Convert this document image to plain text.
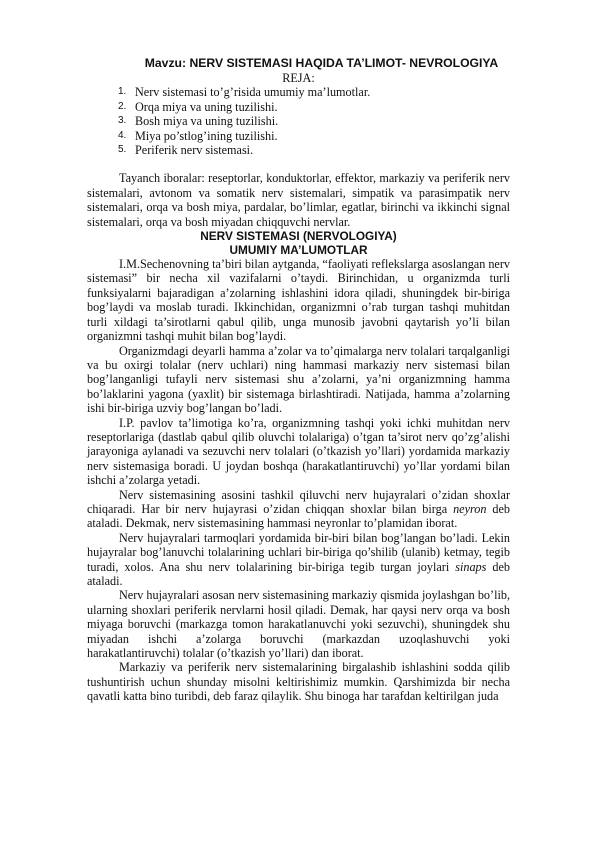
Mavzu: NERV SISTEMASI HAQIDA TA’LIMOT- NEVROLOGIYA
REJA:
1. Nerv sistemasi to’g’risida umumiy ma’lumotlar.
2. Orqa miya va uning tuzilishi.
3. Bosh miya va uning tuzilishi.
4. Miya po’stlog’ining tuzilishi.
5. Periferik nerv sistemasi.

Tayanch iboralar: reseptorlar, konduktorlar, effektor, markaziy va periferik nerv sistemalari, avtonom va somatik nerv sistemalari, simpatik va parasimpatik nerv sistemalari, orqa va bosh miya, pardalar, bo’limlar, egatlar, birinchi va ikkinchi signal sistemalari, orqa va bosh miyadan chiqquvchi nervlar.

NERV SISTEMASI (NERVOLOGIYA)
UMUMIY MA’LUMOTLAR

I.M.Sechenovning ta’biri bilan aytganda, “faoliyati reflekslarga asoslangan nerv sistemasi” bir necha xil vazifalarni o’taydi. Birinchidan, u organizmda turli funksiyalarni bajaradigan a’zolarning ishlashini idora qiladi, shuningdek bir-biriga bog’laydi va moslab turadi. Ikkinchidan, organizmni o’rab turgan tashqi muhitdan turli xildagi ta’sirotlarni qabul qilib, unga munosib javobni qaytarish yo’li bilan organizmni tashqi muhit bilan bog’laydi.

Organizmdagi deyarli hamma a’zolar va to’qimalarga nerv tolalari tarqalganligi va bu oxirgi tolalar (nerv uchlari) ning hammasi markaziy nerv sistemasi bilan bog’langanligi tufayli nerv sistemasi shu a’zolarni, ya’ni organizmning hamma bo’laklarini yagona (yaxlit) bir sistemaga birlashtiradi. Natijada, hamma a’zolarning ishi bir-biriga uzviy bog’langan bo’ladi.

I.P. pavlov ta’limotiga ko’ra, organizmning tashqi yoki ichki muhitdan nerv reseptorlariga (dastlab qabul qilib oluvchi tolalariga) o’tgan ta’sirot nerv qo’zg’alishi jarayoniga aylanadi va sezuvchi nerv tolalari (o’tkazish yo’llari) yordamida markaziy nerv sistemasiga boradi. U joydan boshqa (harakatlantiruvchi) yo’llar yordami bilan ishchi a’zolarga yetadi.

Nerv sistemasining asosini tashkil qiluvchi nerv hujayralari o’zidan shoxlar chiqaradi. Har bir nerv hujayrasi o’zidan chiqqan shoxlar bilan birga neyron deb ataladi. Dekmak, nerv sistemasining hammasi neyronlar to’plamidan iborat.

Nerv hujayralari tarmoqlari yordamida bir-biri bilan bog’langan bo’ladi. Lekin hujayralar bog’lanuvchi tolalarining uchlari bir-biriga qo’shilib (ulanib) ketmay, tegib turadi, xolos. Ana shu nerv tolalarining bir-biriga tegib turgan joylari sinaps deb ataladi.

Nerv hujayralari asosan nerv sistemasining markaziy qismida joylashgan bo’lib, ularning shoxlari periferik nervlarni hosil qiladi. Demak, har qaysi nerv orqa va bosh miyaga boruvchi (markazga tomon harakatlanuvchi yoki sezuvchi), shuningdek shu miyadan ishchi a’zolarga boruvchi (markazdan uzoqlashuvchi yoki harakatlantiruvchi) tolalar (o’tkazish yo’llari) dan iborat.

Markaziy va periferik nerv sistemalarining birgalashib ishlashini sodda qilib tushuntirish uchun shunday misolni keltirishimiz mumkin. Qarshimizda bir necha qavatli katta bino turibdi, deb faraz qilaylik. Shu binoga har tarafdan keltirilgan juda
